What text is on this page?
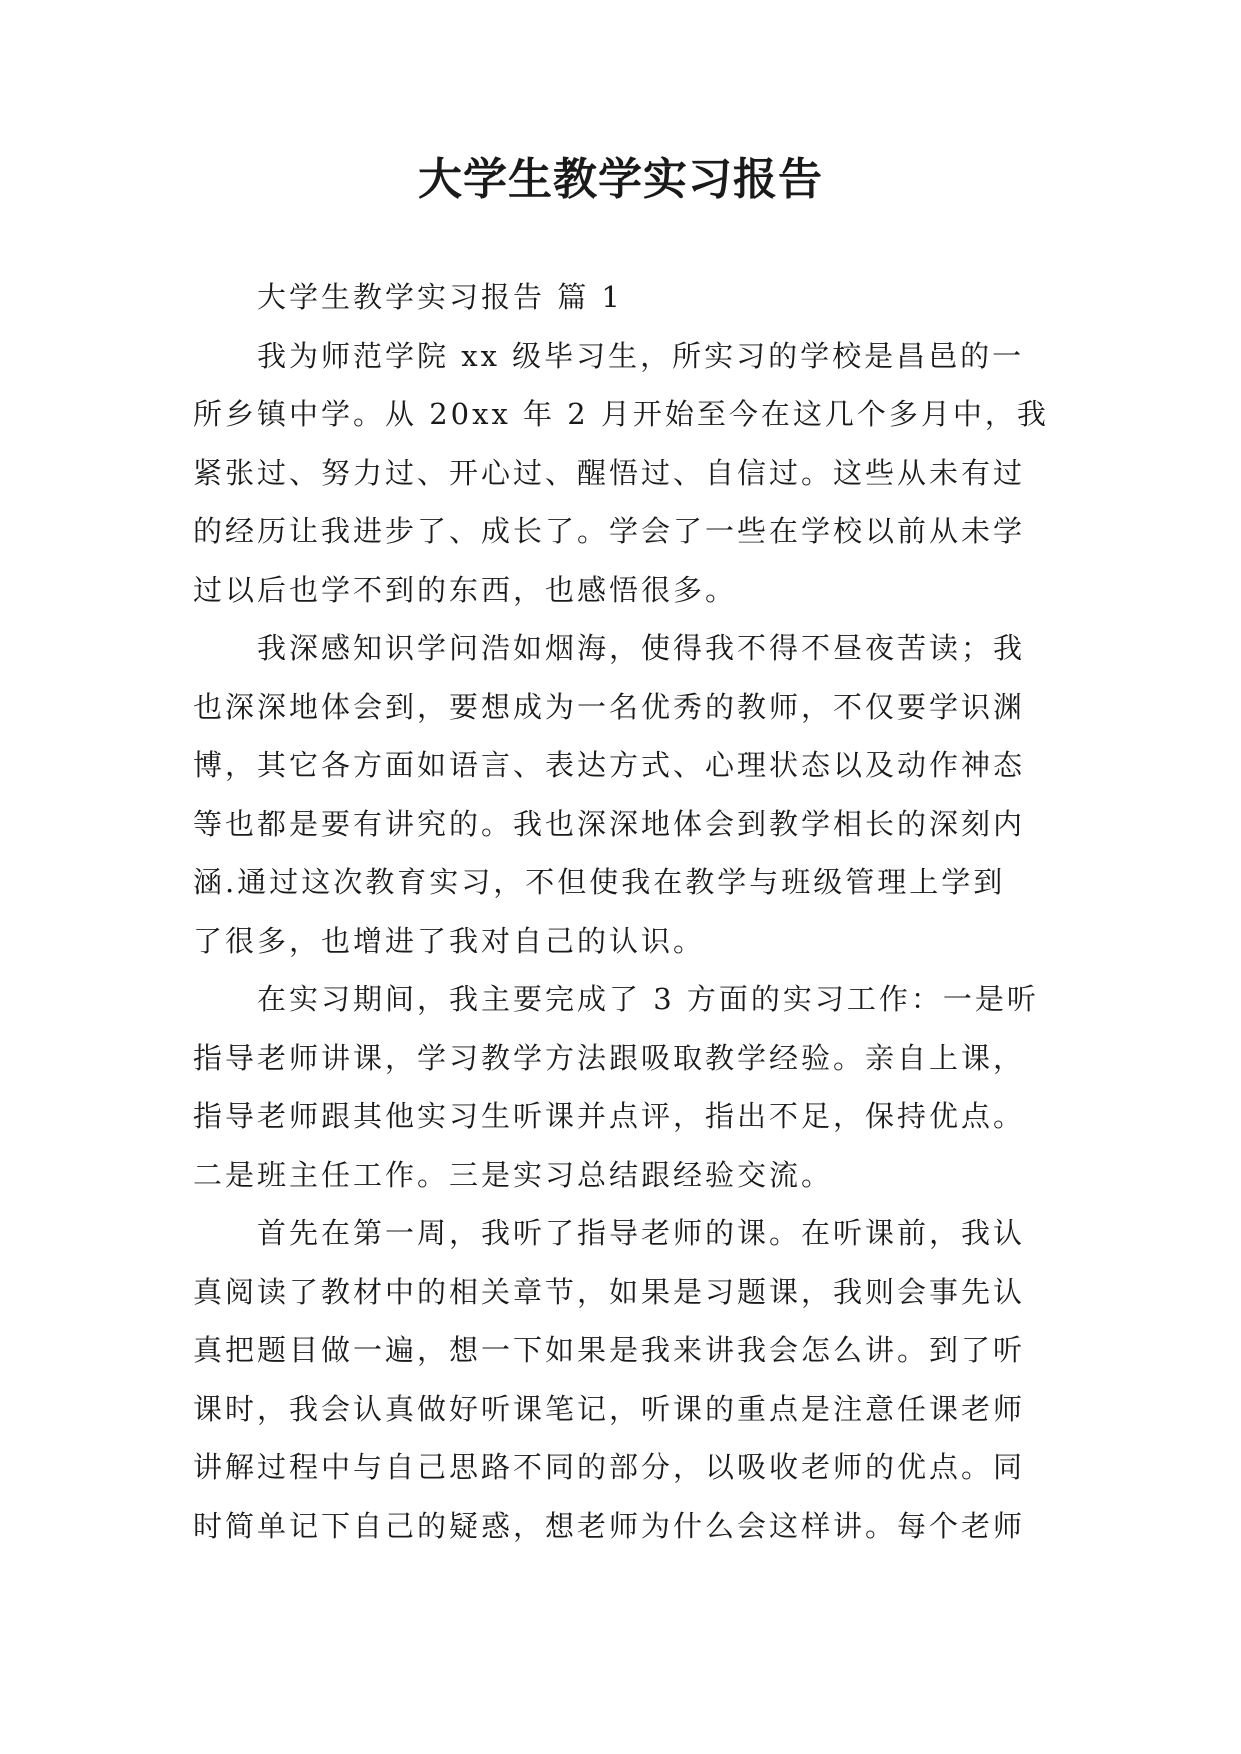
大学生教学实习报告
大学生教学实习报告 篇 1
我为师范学院 xx 级毕习生，所实习的学校是昌邑的一
所乡镇中学。从 20xx 年 2 月开始至今在这几个多月中，我
紧张过、努力过、开心过、醒悟过、自信过。这些从未有过
的经历让我进步了、成长了。学会了一些在学校以前从未学
过以后也学不到的东西，也感悟很多。
我深感知识学问浩如烟海，使得我不得不昼夜苦读；我
也深深地体会到，要想成为一名优秀的教师，不仅要学识渊
博，其它各方面如语言、表达方式、心理状态以及动作神态
等也都是要有讲究的。我也深深地体会到教学相长的深刻内
涵.通过这次教育实习，不但使我在教学与班级管理上学到
了很多，也增进了我对自己的认识。
在实习期间，我主要完成了 3 方面的实习工作：一是听
指导老师讲课，学习教学方法跟吸取教学经验。亲自上课，
指导老师跟其他实习生听课并点评，指出不足，保持优点。
二是班主任工作。三是实习总结跟经验交流。
首先在第一周，我听了指导老师的课。在听课前，我认
真阅读了教材中的相关章节，如果是习题课，我则会事先认
真把题目做一遍，想一下如果是我来讲我会怎么讲。到了听
课时，我会认真做好听课笔记，听课的重点是注意任课老师
讲解过程中与自己思路不同的部分，以吸收老师的优点。同
时简单记下自己的疑惑，想老师为什么会这样讲。每个老师
